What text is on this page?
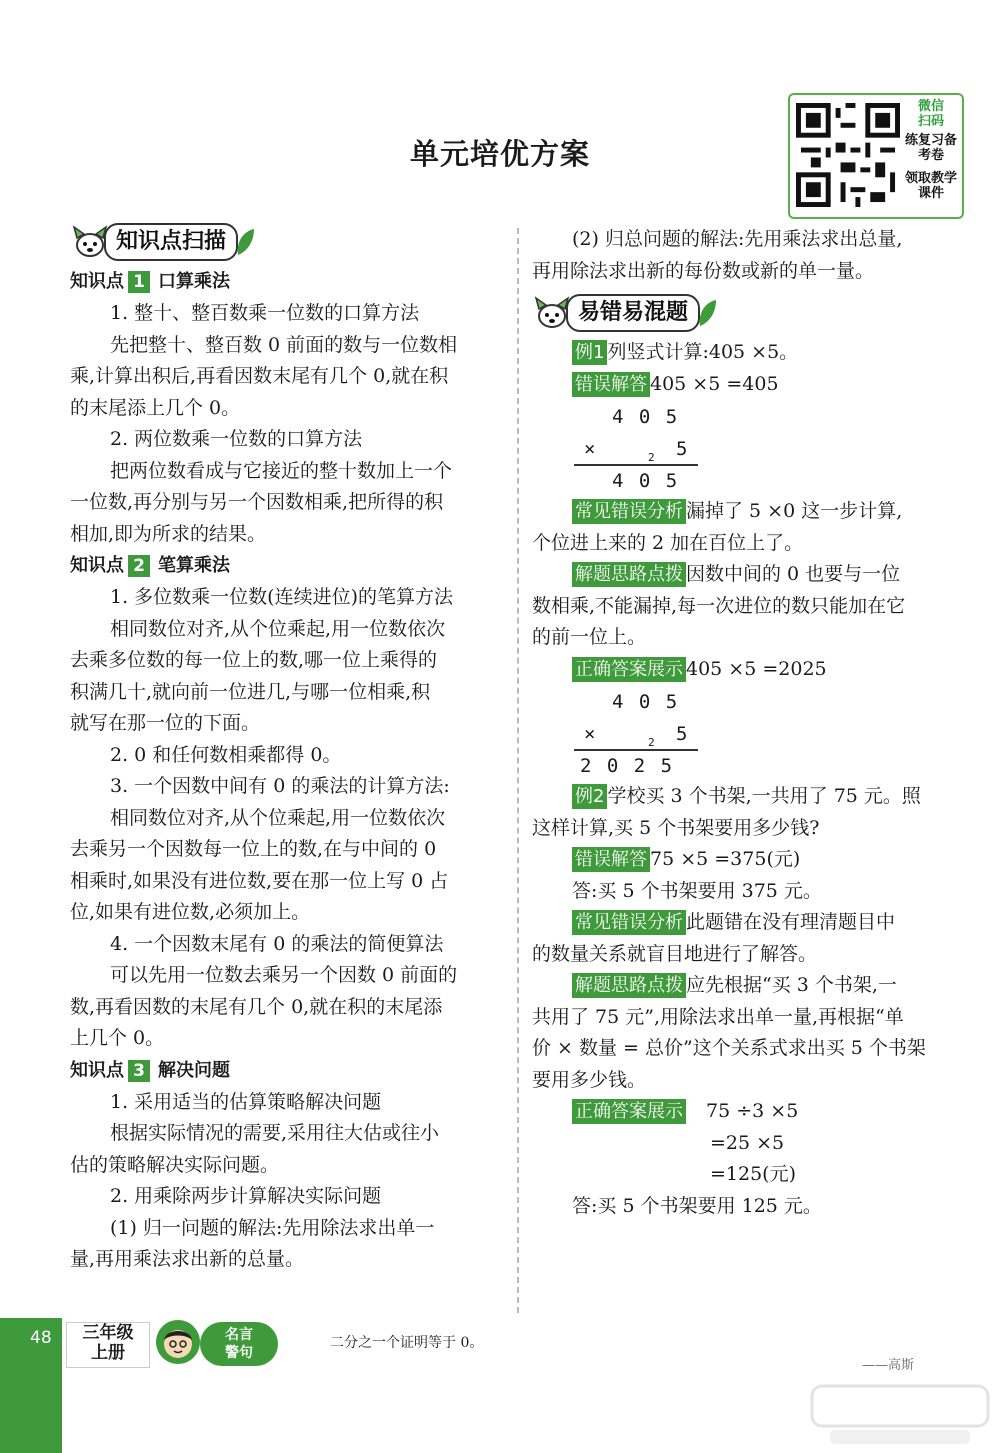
单元培优方案
微信
扫码
练复习备
考卷
领取教学
课件
知识点扫描
知识点 1 口算乘法

1. 整十、整百数乘一位数的口算方法

先把整十、整百数 0 前面的数与一位数相

乘,计算出积后,再看因数末尾有几个 0,就在积

的末尾添上几个 0。

2. 两位数乘一位数的口算方法

把两位数看成与它接近的整十数加上一个

一位数,再分别与另一个因数相乘,把所得的积

相加,即为所求的结果。

知识点 2 笔算乘法

1. 多位数乘一位数(连续进位)的笔算方法

相同数位对齐,从个位乘起,用一位数依次

去乘多位数的每一位上的数,哪一位上乘得的

积满几十,就向前一位进几,与哪一位相乘,积

就写在那一位的下面。

2. 0 和任何数相乘都得 0。

3. 一个因数中间有 0 的乘法的计算方法:

相同数位对齐,从个位乘起,用一位数依次

去乘另一个因数每一位上的数,在与中间的 0

相乘时,如果没有进位数,要在那一位上写 0 占

位,如果有进位数,必须加上。

4. 一个因数末尾有 0 的乘法的简便算法

可以先用一位数去乘另一个因数 0 前面的

数,再看因数的末尾有几个 0,就在积的末尾添

上几个 0。

知识点 3 解决问题

1. 采用适当的估算策略解决问题

根据实际情况的需要,采用往大估或往小

估的策略解决实际问题。

2. 用乘除两步计算解决实际问题

(1) 归一问题的解法:先用除法求出单一

量,再用乘法求出新的总量。

(2) 归总问题的解法:先用乘法求出总量,

再用除法求出新的每份数或新的单一量。

易错易混题

例1 列竖式计算:405 ×5。

错误解答 405 ×5 =405

4 0 5
×	2 5
4 0 5

常见错误分析 漏掉了 5 ×0 这一步计算,

个位进上来的 2 加在百位上了。

解题思路点拨 因数中间的 0 也要与一位

数相乘,不能漏掉,每一次进位的数只能加在它

的前一位上。

正确答案展示 405 ×5 =2025

4 0 5
×	2 5
2 0 2 5

例2 学校买 3 个书架,一共用了 75 元。照

这样计算,买 5 个书架要用多少钱?

错误解答 75 ×5 =375(元)

答:买 5 个书架要用 375 元。

常见错误分析 此题错在没有理清题目中

的数量关系就盲目地进行了解答。

解题思路点拨 应先根据“买 3 个书架,一

共用了 75 元”,用除法求出单一量,再根据“单

价 × 数量 = 总价”这个关系式求出买 5 个书架

要用多少钱。

正确答案展示 75 ÷3 ×5

=25 ×5

=125(元)

答:买 5 个书架要用 125 元。

48	三年级
上册
名言
警句
二分之一个证明等于 0。
——高斯
